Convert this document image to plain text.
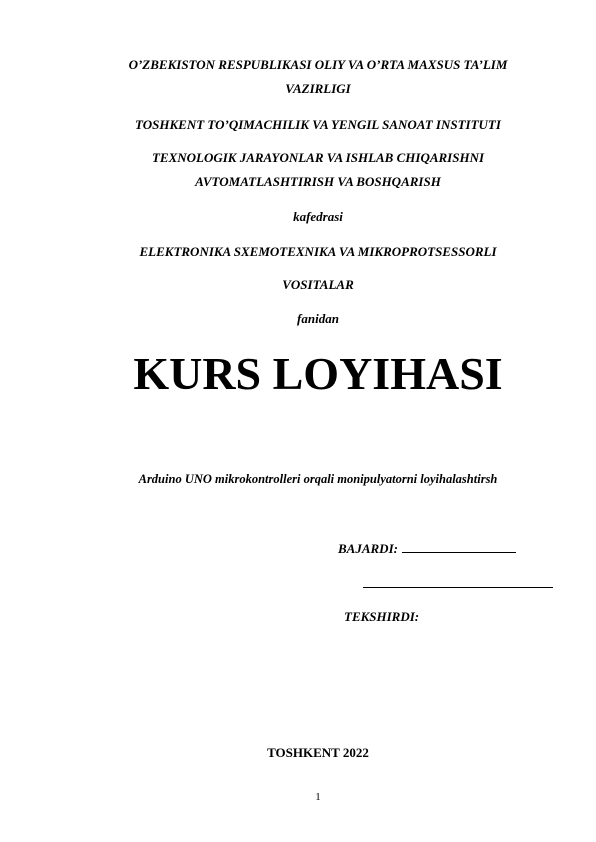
O’ZBEKISTON RESPUBLIKASI OLIY VA O’RTA MAXSUS TA’LIM
VAZIRLIGI
TOSHKENT TO’QIMACHILIK VA YENGIL SANOAT INSTITUTI
TEXNOLOGIK JARAYONLAR VA ISHLAB CHIQARISHNI
AVTOMATLASHTIRISH VA BOSHQARISH
kafedrasi
ELEKTRONIKA SXEMOTEXNIKA VA MIKROPROTSESSORLI
VOSITALAR
fanidan
KURS LOYIHASI
Arduino UNO mikrokontrolleri orqali monipulyatorni loyihalashtirsh
BAJARDI:
TEKSHIRDI:
TOSHKENT 2022
1
